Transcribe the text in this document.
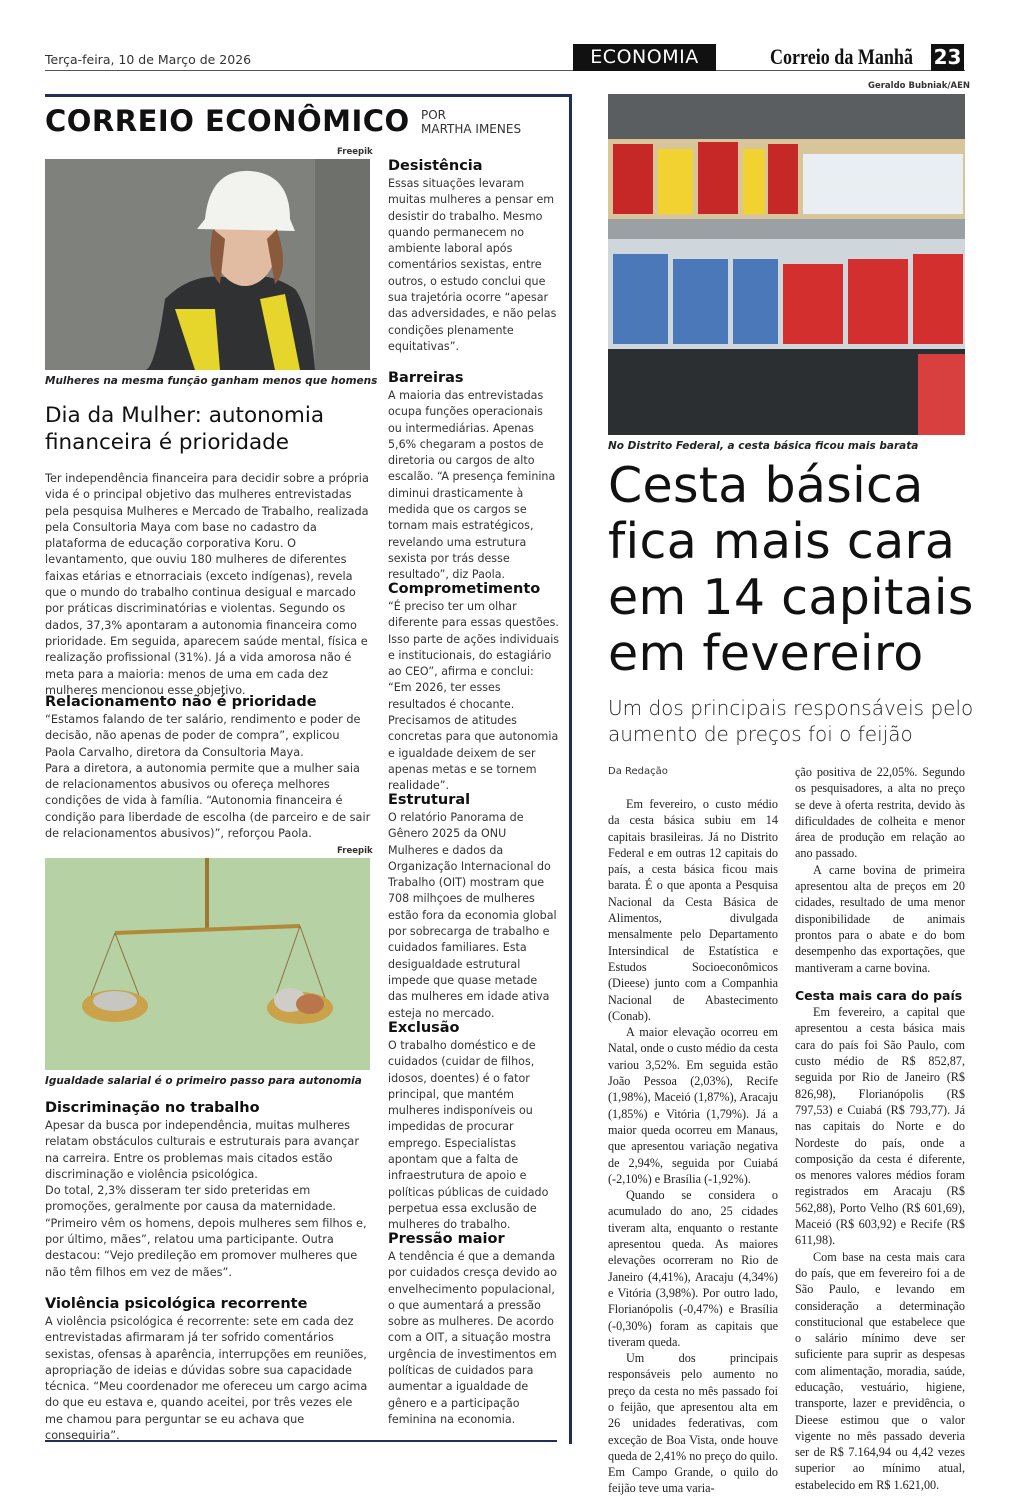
Terça-feira, 10 de Março de 2026	ECONOMIA	Correio da Manhã 23
CORREIO ECONÔMICO POR
MARTHA IMENES
Freepik
Mulheres na mesma função ganham menos que homens
Dia da Mulher: autonomia financeira é prioridade
Ter independência financeira para decidir sobre a própria vida é o principal objetivo das mulheres entrevistadas pela pesquisa Mulheres e Mercado de Trabalho, realizada pela Consultoria Maya com base no cadastro da plataforma de educação corporativa Koru. O levantamento, que ouviu 180 mulheres de diferentes faixas etárias e etnorraciais (exceto indígenas), revela que o mundo do trabalho continua desigual e marcado por práticas discriminatórias e violentas. Segundo os dados, 37,3% apontaram a autonomia financeira como prioridade. Em seguida, aparecem saúde mental, física e realização profissional (31%). Já a vida amorosa não é meta para a maioria: menos de uma em cada dez mulheres mencionou esse objetivo.
Relacionamento não é prioridade

“Estamos falando de ter salário, rendimento e poder de decisão, não apenas de poder de compra”, explicou Paola Carvalho, diretora da Consultoria Maya.

Para a diretora, a autonomia permite que a mulher saia de relacionamentos abusivos ou ofereça melhores condições de vida à família. “Autonomia financeira é condição para liberdade de escolha (de parceiro e de sair de relacionamentos abusivos)”, reforçou Paola.

Freepik
Igualdade salarial é o primeiro passo para autonomia
Discriminação no trabalho

Apesar da busca por independência, muitas mulheres relatam obstáculos culturais e estruturais para avançar na carreira. Entre os problemas mais citados estão discriminação e violência psicológica.

Do total, 2,3% disseram ter sido preteridas em promoções, geralmente por causa da maternidade. “Primeiro vêm os homens, depois mulheres sem filhos e, por último, mães”, relatou uma participante. Outra destacou: “Vejo predileção em promover mulheres que não têm filhos em vez de mães”.

Violência psicológica recorrente

A violência psicológica é recorrente: sete em cada dez entrevistadas afirmaram já ter sofrido comentários sexistas, ofensas à aparência, interrupções em reuniões, apropriação de ideias e dúvidas sobre sua capacidade técnica. “Meu coordenador me ofereceu um cargo acima do que eu estava e, quando aceitei, por três vezes ele me chamou para perguntar se eu achava que conseguiria”.

Desistência
Essas situações levaram muitas mulheres a pensar em desistir do trabalho. Mesmo quando permanecem no ambiente laboral após comentários sexistas, entre outros, o estudo conclui que sua trajetória ocorre “apesar das adversidades, e não pelas condições plenamente equitativas”.
Barreiras
A maioria das entrevistadas ocupa funções operacionais ou intermediárias. Apenas 5,6% chegaram a postos de diretoria ou cargos de alto escalão. “A presença feminina diminui drasticamente à medida que os cargos se tornam mais estratégicos, revelando uma estrutura sexista por trás desse resultado”, diz Paola.
Comprometimento
“É preciso ter um olhar diferente para essas questões. Isso parte de ações individuais e institucionais, do estagiário ao CEO”, afirma e conclui: “Em 2026, ter esses resultados é chocante. Precisamos de atitudes concretas para que autonomia e igualdade deixem de ser apenas metas e se tornem realidade”.
Estrutural
O relatório Panorama de Gênero 2025 da ONU Mulheres e dados da Organização Internacional do Trabalho (OIT) mostram que 708 milhçoes de mulheres estão fora da economia global por sobrecarga de trabalho e cuidados familiares. Esta desigualdade estrutural impede que quase metade das mulheres em idade ativa esteja no mercado.
Exclusão
O trabalho doméstico e de cuidados (cuidar de filhos, idosos, doentes) é o fator principal, que mantém mulheres indisponíveis ou impedidas de procurar emprego. Especialistas apontam que a falta de infraestrutura de apoio e políticas públicas de cuidado perpetua essa exclusão de mulheres do trabalho.
Pressão maior
A tendência é que a demanda por cuidados cresça devido ao envelhecimento populacional, o que aumentará a pressão sobre as mulheres. De acordo com a OIT, a situação mostra urgência de investimentos em políticas de cuidados para aumentar a igualdade de gênero e a participação feminina na economia.
Geraldo Bubniak/AEN
No Distrito Federal, a cesta básica ficou mais barata
Cesta básica fica mais cara em 14 capitais em fevereiro
Um dos principais responsáveis pelo aumento de preços foi o feijão
Da Redação

Em fevereiro, o custo médio da cesta básica subiu em 14 capitais brasileiras. Já no Distrito Federal e em outras 12 capitais do país, a cesta básica ficou mais barata. É o que aponta a Pesquisa Nacional da Cesta Básica de Alimentos, divulgada mensalmente pelo Departamento Intersindical de Estatística e Estudos Socioeconômicos (Dieese) junto com a Companhia Nacional de Abastecimento (Conab).

A maior elevação ocorreu em Natal, onde o custo médio da cesta variou 3,52%. Em seguida estão João Pessoa (2,03%), Recife (1,98%), Maceió (1,87%), Aracaju (1,85%) e Vitória (1,79%). Já a maior queda ocorreu em Manaus, que apresentou variação negativa de 2,94%, seguida por Cuiabá (-2,10%) e Brasília (-1,92%).

Quando se considera o acumulado do ano, 25 cidades tiveram alta, enquanto o restante apresentou queda. As maiores elevações ocorreram no Rio de Janeiro (4,41%), Aracaju (4,34%) e Vitória (3,98%). Por outro lado, Florianópolis (-0,47%) e Brasília (-0,30%) foram as capitais que tiveram queda.

Um dos principais responsáveis pelo aumento no preço da cesta no mês passado foi o feijão, que apresentou alta em 26 unidades federativas, com exceção de Boa Vista, onde houve queda de 2,41% no preço do quilo. Em Campo Grande, o quilo do feijão teve uma varia-

ção positiva de 22,05%. Segundo os pesquisadores, a alta no preço se deve à oferta restrita, devido às dificuldades de colheita e menor área de produção em relação ao ano passado.

A carne bovina de primeira apresentou alta de preços em 20 cidades, resultado de uma menor disponibilidade de animais prontos para o abate e do bom desempenho das exportações, que mantiveram a carne bovina.

Cesta mais cara do país

Em fevereiro, a capital que apresentou a cesta básica mais cara do país foi São Paulo, com custo médio de R$ 852,87, seguida por Rio de Janeiro (R$ 826,98), Florianópolis (R$ 797,53) e Cuiabá (R$ 793,77). Já nas capitais do Norte e do Nordeste do país, onde a composição da cesta é diferente, os menores valores médios foram registrados em Aracaju (R$ 562,88), Porto Velho (R$ 601,69), Maceió (R$ 603,92) e Recife (R$ 611,98).

Com base na cesta mais cara do país, que em fevereiro foi a de São Paulo, e levando em consideração a determinação constitucional que estabelece que o salário mínimo deve ser suficiente para suprir as despesas com alimentação, moradia, saúde, educação, vestuário, higiene, transporte, lazer e previdência, o Dieese estimou que o valor vigente no mês passado deveria ser de R$ 7.164,94 ou 4,42 vezes superior ao mínimo atual, estabelecido em R$ 1.621,00.
